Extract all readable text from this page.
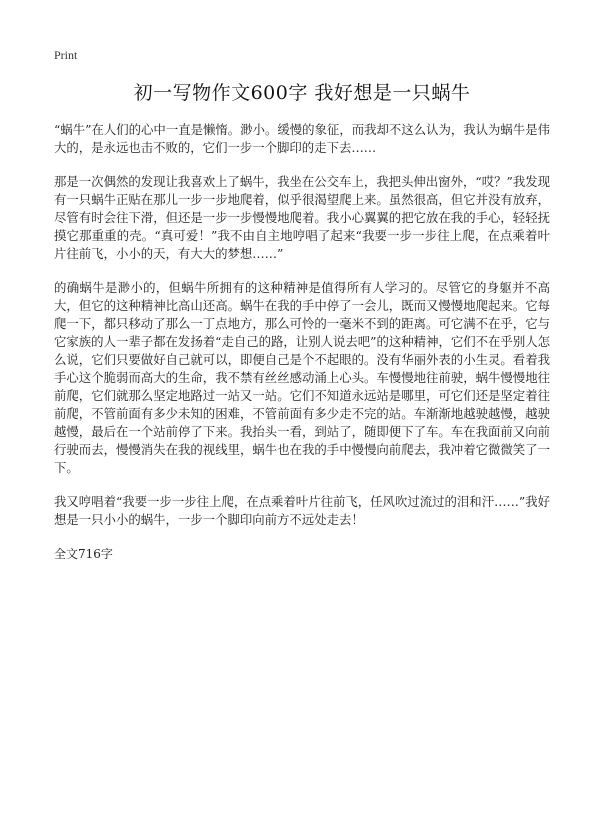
Print
初一写物作文600字 我好想是一只蜗牛

“蜗牛”在人们的心中一直是懒惰。渺小。缓慢的象征，而我却不这么认为，我认为蜗牛是伟大的，是永远也击不败的，它们一步一个脚印的走下去……

那是一次偶然的发现让我喜欢上了蜗牛，我坐在公交车上，我把头伸出窗外，“哎？”我发现有一只蜗牛正贴在那儿一步一步地爬着，似乎很渴望爬上来。虽然很高，但它并没有放弃，尽管有时会往下滑，但还是一步一步慢慢地爬着。我小心翼翼的把它放在我的手心，轻轻抚摸它那重重的壳。“真可爱！”我不由自主地哼唱了起来“我要一步一步往上爬，在点乘着叶片往前飞，小小的天，有大大的梦想……”

的确蜗牛是渺小的，但蜗牛所拥有的这种精神是值得所有人学习的。尽管它的身躯并不高大，但它的这种精神比高山还高。蜗牛在我的手中停了一会儿，既而又慢慢地爬起来。它每爬一下，都只移动了那么一丁点地方，那么可怜的一毫米不到的距离。可它满不在乎，它与它家族的人一辈子都在发扬着“走自己的路，让别人说去吧”的这种精神，它们不在乎别人怎么说，它们只要做好自己就可以，即便自己是个不起眼的。没有华丽外表的小生灵。看着我手心这个脆弱而高大的生命，我不禁有丝丝感动涌上心头。车慢慢地往前驶，蜗牛慢慢地往前爬，它们就那么坚定地路过一站又一站。它们不知道永远站是哪里，可它们还是坚定着往前爬，不管前面有多少未知的困难，不管前面有多少走不完的站。车渐渐地越驶越慢，越驶越慢，最后在一个站前停了下来。我抬头一看，到站了，随即便下了车。车在我面前又向前行驶而去，慢慢消失在我的视线里，蜗牛也在我的手中慢慢向前爬去，我冲着它微微笑了一下。

我又哼唱着“我要一步一步往上爬，在点乘着叶片往前飞，任风吹过流过的泪和汗……”我好想是一只小小的蜗牛，一步一个脚印向前方不远处走去！

全文716字
